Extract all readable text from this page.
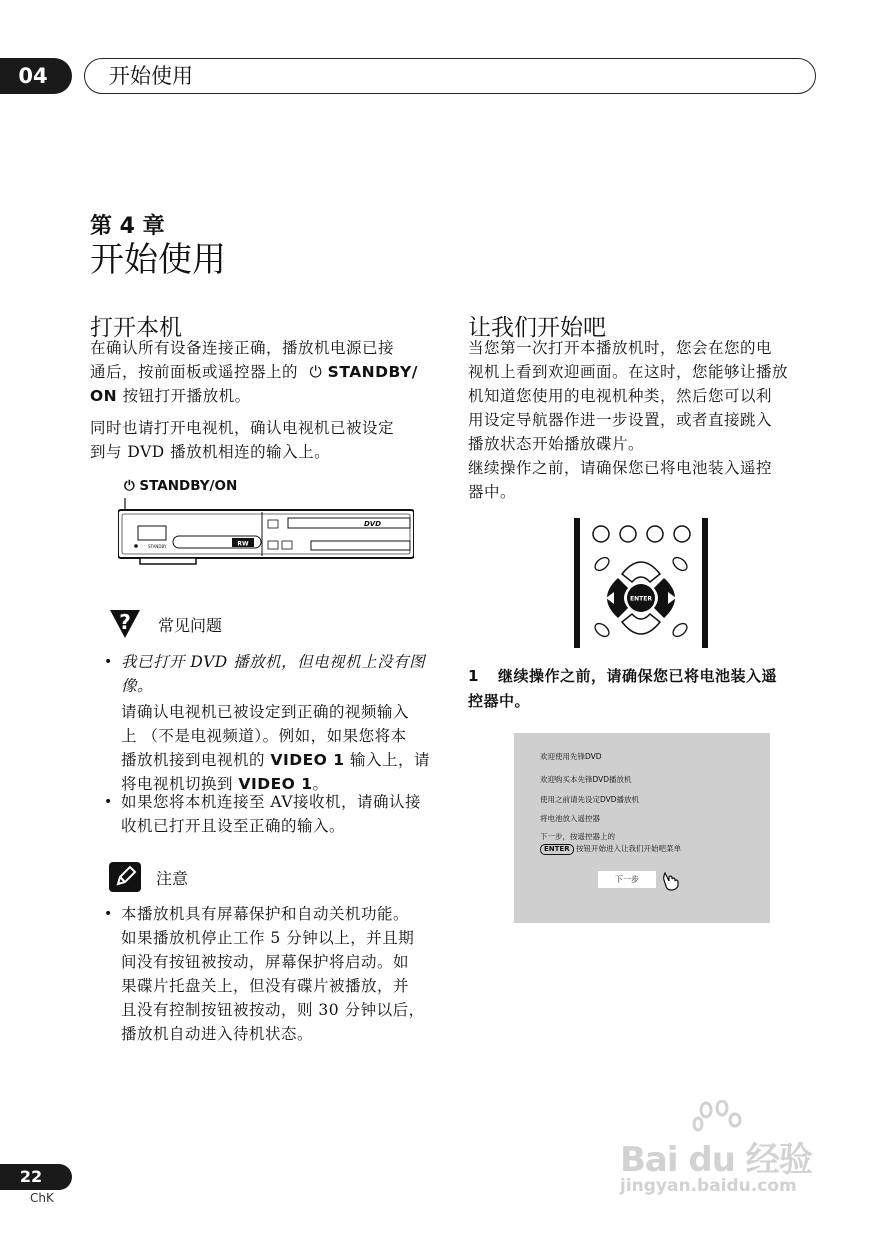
04	开始使用
第 4 章
开始使用
打开本机
在确认所有设备连接正确，播放机电源已接
通后，按前面板或遥控器上的 ⏻ STANDBY/
ON 按钮打开播放机。
同时也请打开电视机，确认电视机已被设定
到与 DVD 播放机相连的输入上。
⏻ STANDBY/ON
RW
STANDBY
DVD
? 常见问题
• 我已打开 DVD 播放机，但电视机上没有图
像。
请确认电视机已被设定到正确的视频输入
上 （不是电视频道）。例如，如果您将本
播放机接到电视机的 VIDEO 1 输入上，请
将电视机切换到 VIDEO 1。
• 如果您将本机连接至 AV接收机，请确认接
收机已打开且设至正确的输入。
注意
• 本播放机具有屏幕保护和自动关机功能。
如果播放机停止工作 5 分钟以上，并且期
间没有按钮被按动，屏幕保护将启动。如
果碟片托盘关上，但没有碟片被播放，并
且没有控制按钮被按动，则 30 分钟以后，
播放机自动进入待机状态。
让我们开始吧
当您第一次打开本播放机时，您会在您的电
视机上看到欢迎画面。在这时，您能够让播放
机知道您使用的电视机种类，然后您可以利
用设定导航器作进一步设置，或者直接跳入
播放状态开始播放碟片。
继续操作之前，请确保您已将电池装入遥控
器中。
ENTER
1 继续操作之前，请确保您已将电池装入遥
控器中。
欢迎使用先锋DVD
欢迎购买本先锋DVD播放机
使用之前请先设定DVD播放机
将电池放入遥控器
下一步，按遥控器上的
ENTER 按钮开始进入让我们开始吧菜单
下一步
22
ChK
Bai du 经验
jingyan.baidu.com
